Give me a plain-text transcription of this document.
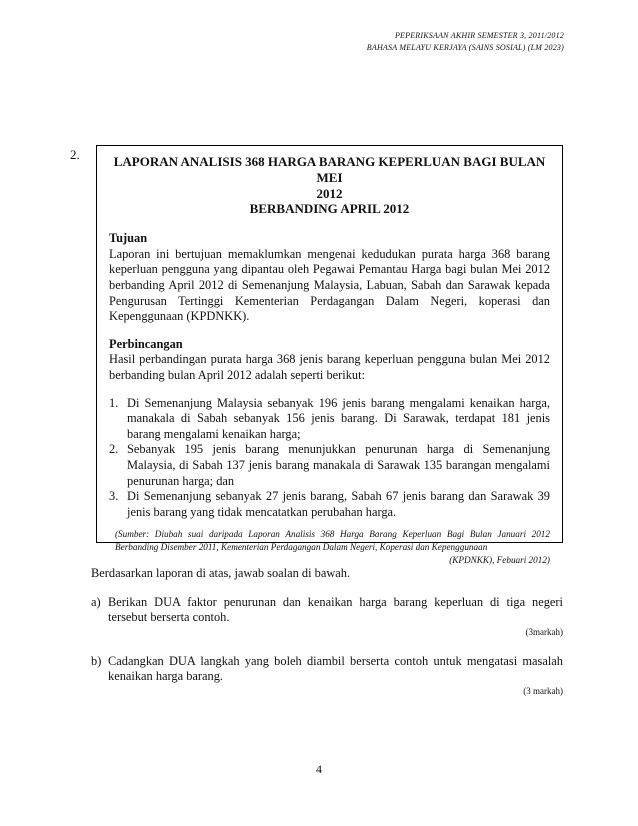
PEPERIKSAAN AKHIR SEMESTER 3, 2011/2012
BAHASA MELAYU KERJAYA (SAINS SOSIAL) (LM 2023)
2.	LAPORAN ANALISIS 368 HARGA BARANG KEPERLUAN BAGI BULAN MEI
2012
BERBANDING APRIL 2012

Tujuan

Laporan ini bertujuan memaklumkan mengenai kedudukan purata harga 368 barang keperluan pengguna yang dipantau oleh Pegawai Pemantau Harga bagi bulan Mei 2012 berbanding April 2012 di Semenanjung Malaysia, Labuan, Sabah dan Sarawak kepada Pengurusan Tertinggi Kementerian Perdagangan Dalam Negeri, koperasi dan Kepenggunaan (KPDNKK).

Perbincangan

Hasil perbandingan purata harga 368 jenis barang keperluan pengguna bulan Mei 2012 berbanding bulan April 2012 adalah seperti berikut:

1. Di Semenanjung Malaysia sebanyak 196 jenis barang mengalami kenaikan harga, manakala di Sabah sebanyak 156 jenis barang. Di Sarawak, terdapat 181 jenis barang mengalami kenaikan harga;
2. Sebanyak 195 jenis barang menunjukkan penurunan harga di Semenanjung Malaysia, di Sabah 137 jenis barang manakala di Sarawak 135 barangan mengalami penurunan harga; dan
3. Di Semenanjung sebanyak 27 jenis barang, Sabah 67 jenis barang dan Sarawak 39 jenis barang yang tidak mencatatkan perubahan harga.
(Sumber: Diubah suai daripada Laporan Analisis 368 Harga Barang Keperluan Bagi Bulan Januari 2012 Berbanding Disember 2011, Kementerian Perdagangan Dalam Negeri, Koperasi dan Kepenggunaan
(KPDNKK), Febuari 2012)

Berdasarkan laporan di atas, jawab soalan di bawah.

a) Berikan DUA faktor penurunan dan kenaikan harga barang keperluan di tiga negeri tersebut berserta contoh.

(3markah)

b) Cadangkan DUA langkah yang boleh diambil berserta contoh untuk mengatasi masalah kenaikan harga barang.

(3 markah)

4
